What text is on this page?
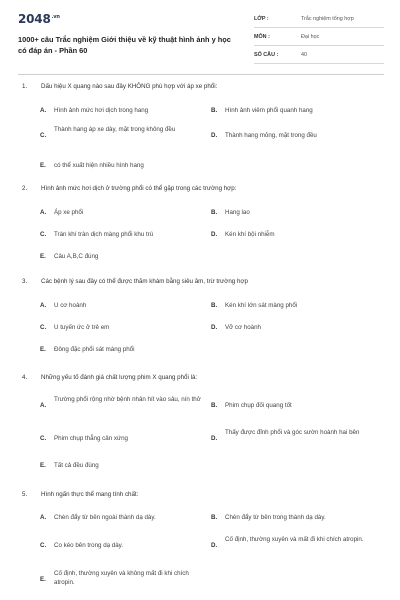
$2048^{.vn}$
1000+ câu Trắc nghiệm Giới thiệu về kỹ thuật hình ảnh y học có đáp án - Phần 60
LỚP :	Trắc nghiệm tổng hợp
MÔN :	Đại học
SỐ CÂU :	40
1. Dấu hiệu X quang nào sau đây KHÔNG phù hợp với áp xe phổi:
A. Hình ảnh mức hơi dịch trong hang	B. Hình ảnh viêm phổi quanh hang
C.
Thành hang áp xe dày, mặt trong không đều
D. Thành hang mỏng, mặt trong đều
E. có thể xuất hiện nhiều hình hang
2. Hình ảnh mức hơi dịch ở trường phổi có thể gặp trong các trường hợp:
A. Áp xe phổi	B. Hang lao
C. Tràn khí tràn dịch màng phổi khu trú	D. Kén khí bội nhiễm
E. Câu A,B,C đúng
3. Các bệnh lý sau đây có thể được thăm khám bằng siêu âm, trừ trường hợp
A. U cơ hoành	B. Kén khí lớn sát màng phổi
C. U tuyến ức ở trẻ em	D. Vỡ cơ hoành
E. Đông đặc phổi sát màng phổi
4. Những yếu tố đánh giá chất lượng phim X quang phổi là:
A.
Trường phổi rộng nhờ bệnh nhân hít vào sâu, nín thở
B. Phim chụp đối quang tốt
C. Phim chụp thẳng cân xứng	D.
Thấy được đỉnh phổi và góc sườn hoành hai bên
E. Tất cả đều đúng
5. Hình ngấn thực thể mang tính chất:
A. Chèn đẩy từ bên ngoài thành dạ dày.	B. Chèn đẩy từ bên trong thành dạ dày.
C. Co kéo bên trong dạ dày.	D.
Cố định, thường xuyên và mất đi khi chích atropin.
E.
Cố định, thường xuyên và không mất đi khi chích atropin.
